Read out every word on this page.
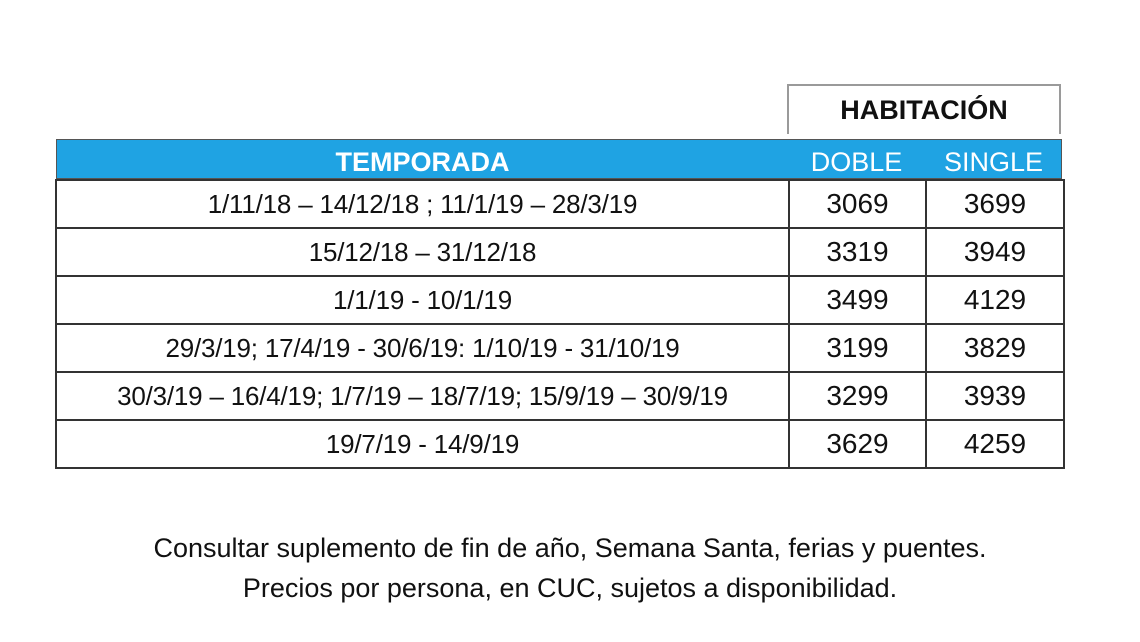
HABITACIÓN
TEMPORADA	DOBLE	SINGLE
1/11/18 – 14/12/18 ; 11/1/19 – 28/3/19	3069	3699
15/12/18 – 31/12/18	3319	3949
1/1/19 - 10/1/19	3499	4129
29/3/19; 17/4/19 - 30/6/19: 1/10/19 - 31/10/19	3199	3829
30/3/19 – 16/4/19; 1/7/19 – 18/7/19; 15/9/19 – 30/9/19	3299	3939
19/7/19 - 14/9/19	3629	4259
Consultar suplemento de fin de año, Semana Santa, ferias y puentes.
Precios por persona, en CUC, sujetos a disponibilidad.
